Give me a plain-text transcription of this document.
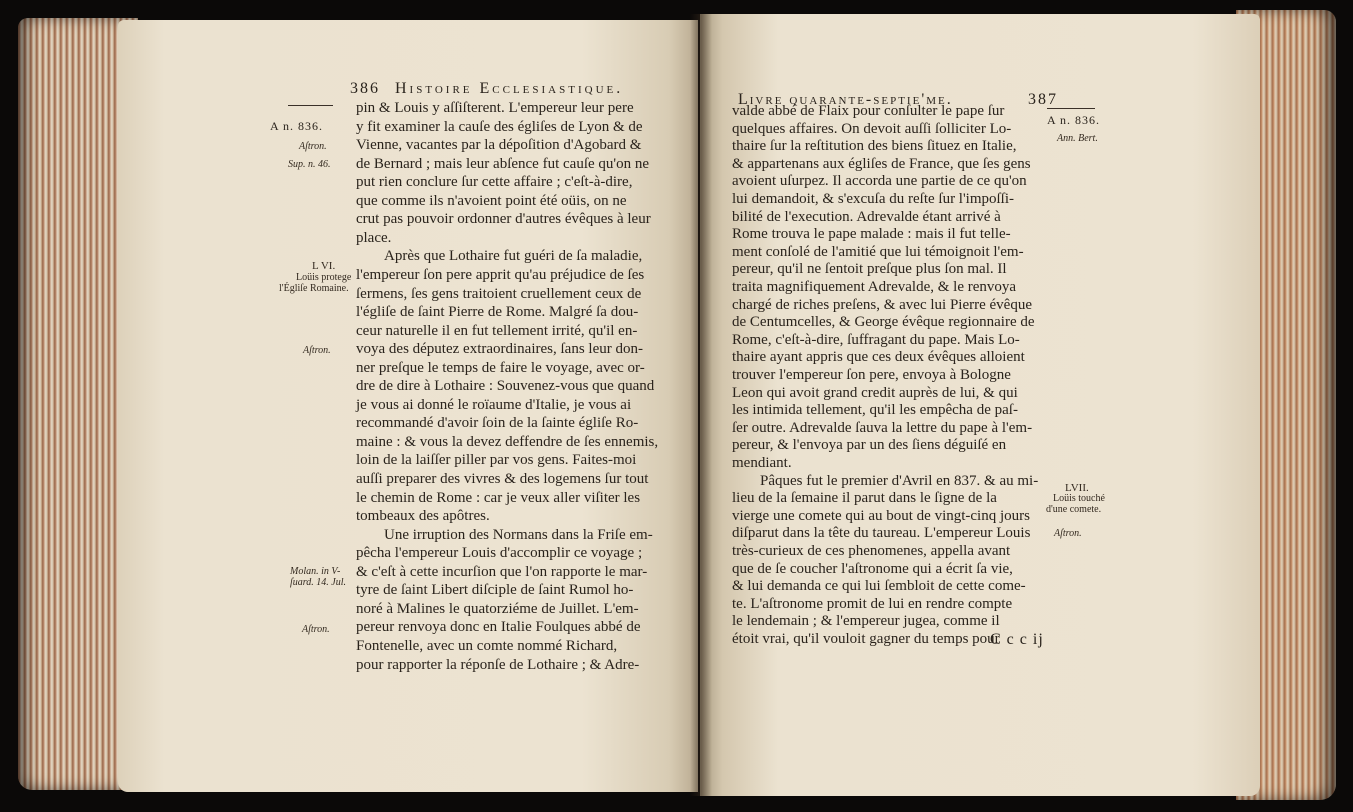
386 Histoire Ecclesiastique.
A n. 836.
pin & Louis y aſſiſterent. L'empereur leur pere
y fit examiner la cauſe des égliſes de Lyon & de
Vienne, vacantes par la dépoſition d'Agobard &
de Bernard ; mais leur abſence fut cauſe qu'on ne
put rien conclure ſur cette affaire ; c'eſt-à-dire,
que comme ils n'avoient point été oüis, on ne
crut pas pouvoir ordonner d'autres évêques à leur
place.
Après que Lothaire fut guéri de ſa maladie,
l'empereur ſon pere apprit qu'au préjudice de ſes
ſermens, ſes gens traitoient cruellement ceux de
l'égliſe de ſaint Pierre de Rome. Malgré ſa dou-
ceur naturelle il en fut tellement irrité, qu'il en-
voya des députez extraordinaires, ſans leur don-
ner preſque le temps de faire le voyage, avec or-
dre de dire à Lothaire : Souvenez-vous que quand
je vous ai donné le roïaume d'Italie, je vous ai
recommandé d'avoir ſoin de la ſainte égliſe Ro-
maine : & vous la devez deffendre de ſes ennemis,
loin de la laiſſer piller par vos gens. Faites-moi
auſſi preparer des vivres & des logemens ſur tout
le chemin de Rome : car je veux aller viſiter les
tombeaux des apôtres.
Une irruption des Normans dans la Friſe em-
pêcha l'empereur Louis d'accomplir ce voyage ;
& c'eſt à cette incurſion que l'on rapporte le mar-
tyre de ſaint Libert diſciple de ſaint Rumol ho-
noré à Malines le quatorziéme de Juillet. L'em-
pereur renvoya donc en Italie Foulques abbé de
Fontenelle, avec un comte nommé Richard,
pour rapporter la réponſe de Lothaire ; & Adre-
Aſtron.
Sup. n. 46.
L VI.
Loüis protege
l'Égliſe Romaine.
Aſtron.
Molan. in V-
ſuard. 14. Jul.
Aſtron.
Livre quarante-septie'me.	387
A n. 836.
Ann. Bert.
valde abbé de Flaix pour conſulter le pape ſur
quelques affaires. On devoit auſſi ſolliciter Lo-
thaire ſur la reſtitution des biens ſituez en Italie,
& appartenans aux égliſes de France, que ſes gens
avoient uſurpez. Il accorda une partie de ce qu'on
lui demandoit, & s'excuſa du reſte ſur l'impoſſi-
bilité de l'execution. Adrevalde étant arrivé à
Rome trouva le pape malade : mais il fut telle-
ment conſolé de l'amitié que lui témoignoit l'em-
pereur, qu'il ne ſentoit preſque plus ſon mal. Il
traita magnifiquement Adrevalde, & le renvoya
chargé de riches preſens, & avec lui Pierre évêque
de Centumcelles, & George évêque regionnaire de
Rome, c'eſt-à-dire, ſuffragant du pape. Mais Lo-
thaire ayant appris que ces deux évêques alloient
trouver l'empereur ſon pere, envoya à Bologne
Leon qui avoit grand credit auprès de lui, & qui
les intimida tellement, qu'il les empêcha de paſ-
ſer outre. Adrevalde ſauva la lettre du pape à l'em-
pereur, & l'envoya par un des ſiens déguiſé en
mendiant.
Pâques fut le premier d'Avril en 837. & au mi-
lieu de la ſemaine il parut dans le ſigne de la
vierge une comete qui au bout de vingt-cinq jours
diſparut dans la tête du taureau. L'empereur Louis
très-curieux de ces phenomenes, appella avant
que de ſe coucher l'aſtronome qui a écrit ſa vie,
& lui demanda ce qui lui ſembloit de cette come-
te. L'aſtronome promit de lui en rendre compte
le lendemain ; & l'empereur jugea, comme il
étoit vrai, qu'il vouloit gagner du temps pour
LVII.
Loüis touché
d'une comete.
Aſtron.
C c c ij
